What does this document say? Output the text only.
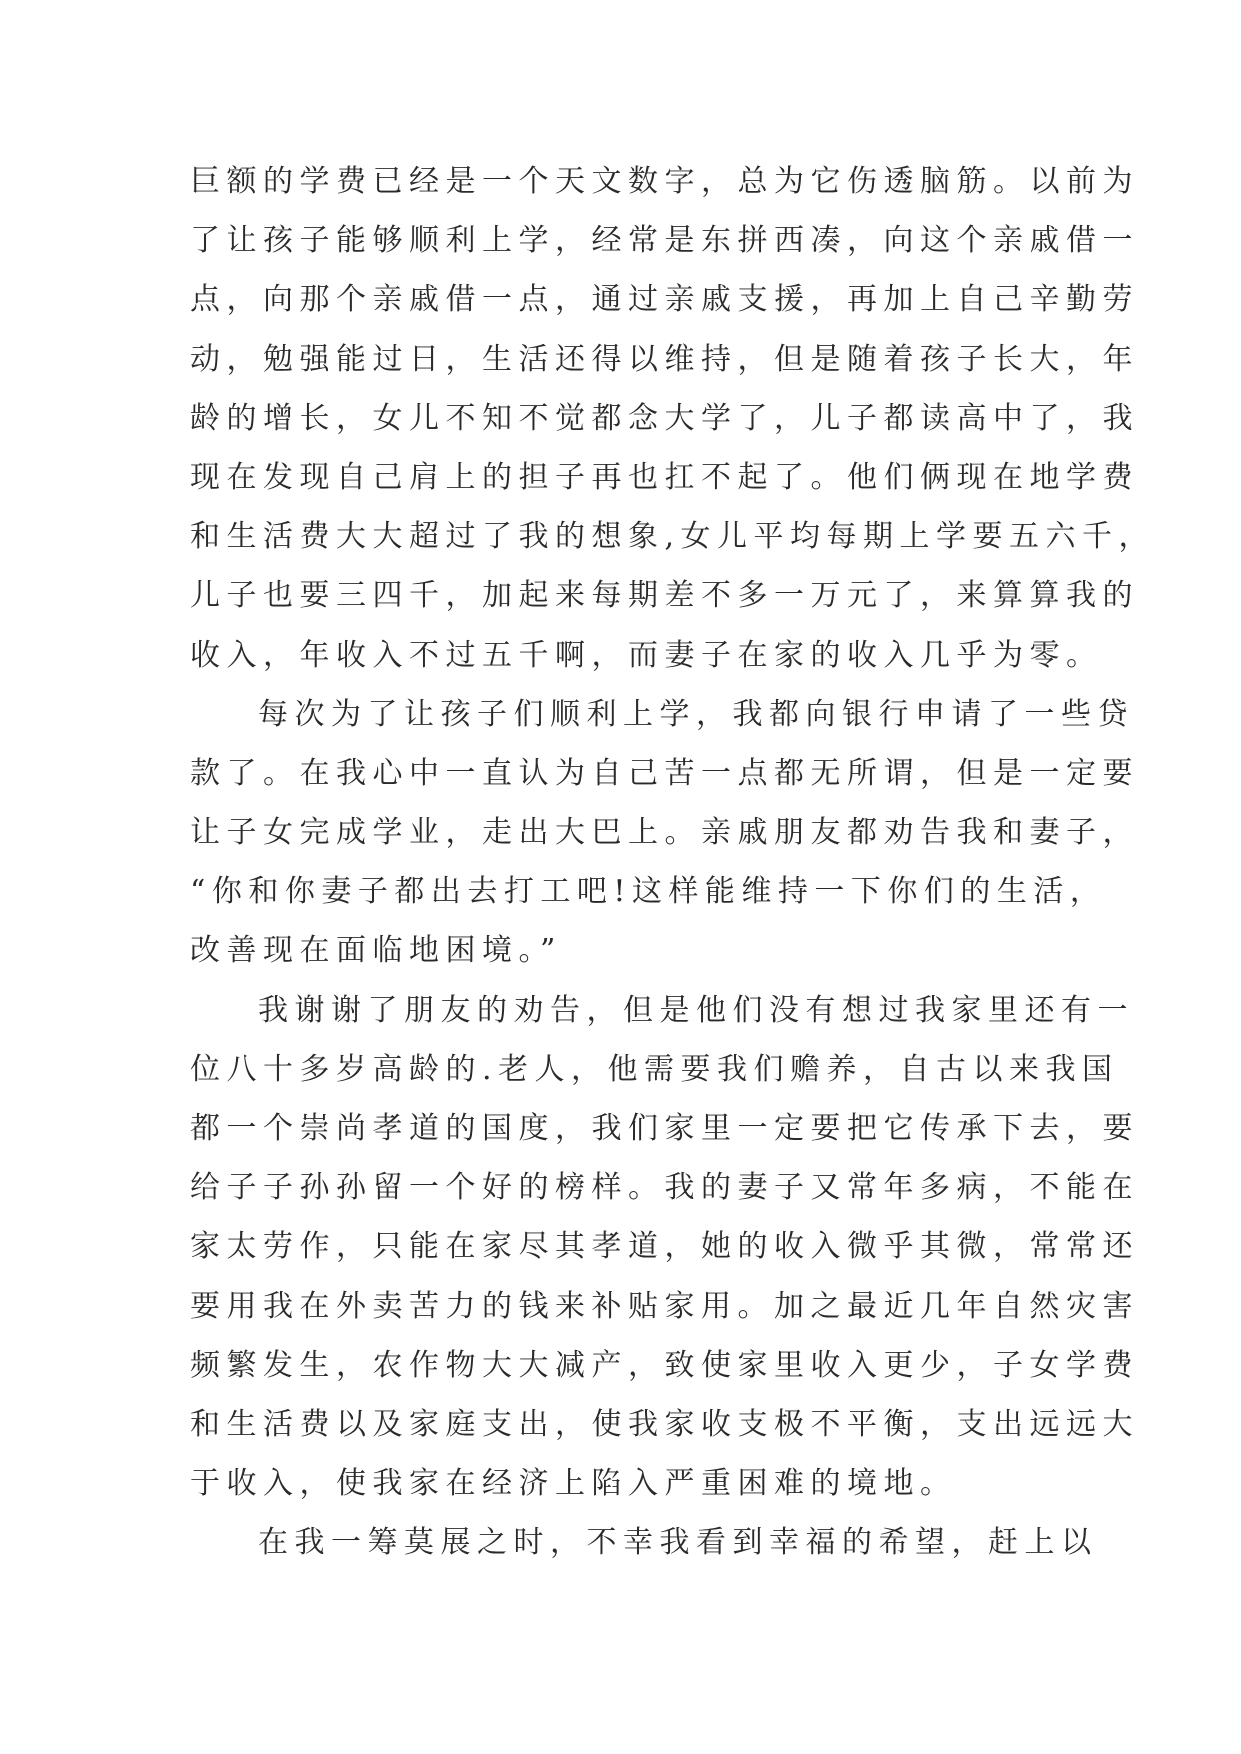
巨额的学费已经是一个天文数字，总为它伤透脑筋。以前为
了让孩子能够顺利上学，经常是东拼西凑，向这个亲戚借一
点，向那个亲戚借一点，通过亲戚支援，再加上自己辛勤劳
动，勉强能过日，生活还得以维持，但是随着孩子长大，年
龄的增长，女儿不知不觉都念大学了，儿子都读高中了，我
现在发现自己肩上的担子再也扛不起了。他们俩现在地学费
和生活费大大超过了我的想象,女儿平均每期上学要五六千，
儿子也要三四千，加起来每期差不多一万元了，来算算我的
收入，年收入不过五千啊，而妻子在家的收入几乎为零。
每次为了让孩子们顺利上学，我都向银行申请了一些贷
款了。在我心中一直认为自己苦一点都无所谓，但是一定要
让子女完成学业，走出大巴上。亲戚朋友都劝告我和妻子，
“你和你妻子都出去打工吧!这样能维持一下你们的生活，
改善现在面临地困境。”
我谢谢了朋友的劝告，但是他们没有想过我家里还有一
位八十多岁高龄的.老人，他需要我们赡养，自古以来我国
都一个崇尚孝道的国度，我们家里一定要把它传承下去，要
给子子孙孙留一个好的榜样。我的妻子又常年多病，不能在
家太劳作，只能在家尽其孝道，她的收入微乎其微，常常还
要用我在外卖苦力的钱来补贴家用。加之最近几年自然灾害
频繁发生，农作物大大减产，致使家里收入更少，子女学费
和生活费以及家庭支出，使我家收支极不平衡，支出远远大
于收入，使我家在经济上陷入严重困难的境地。
在我一筹莫展之时，不幸我看到幸福的希望，赶上以
